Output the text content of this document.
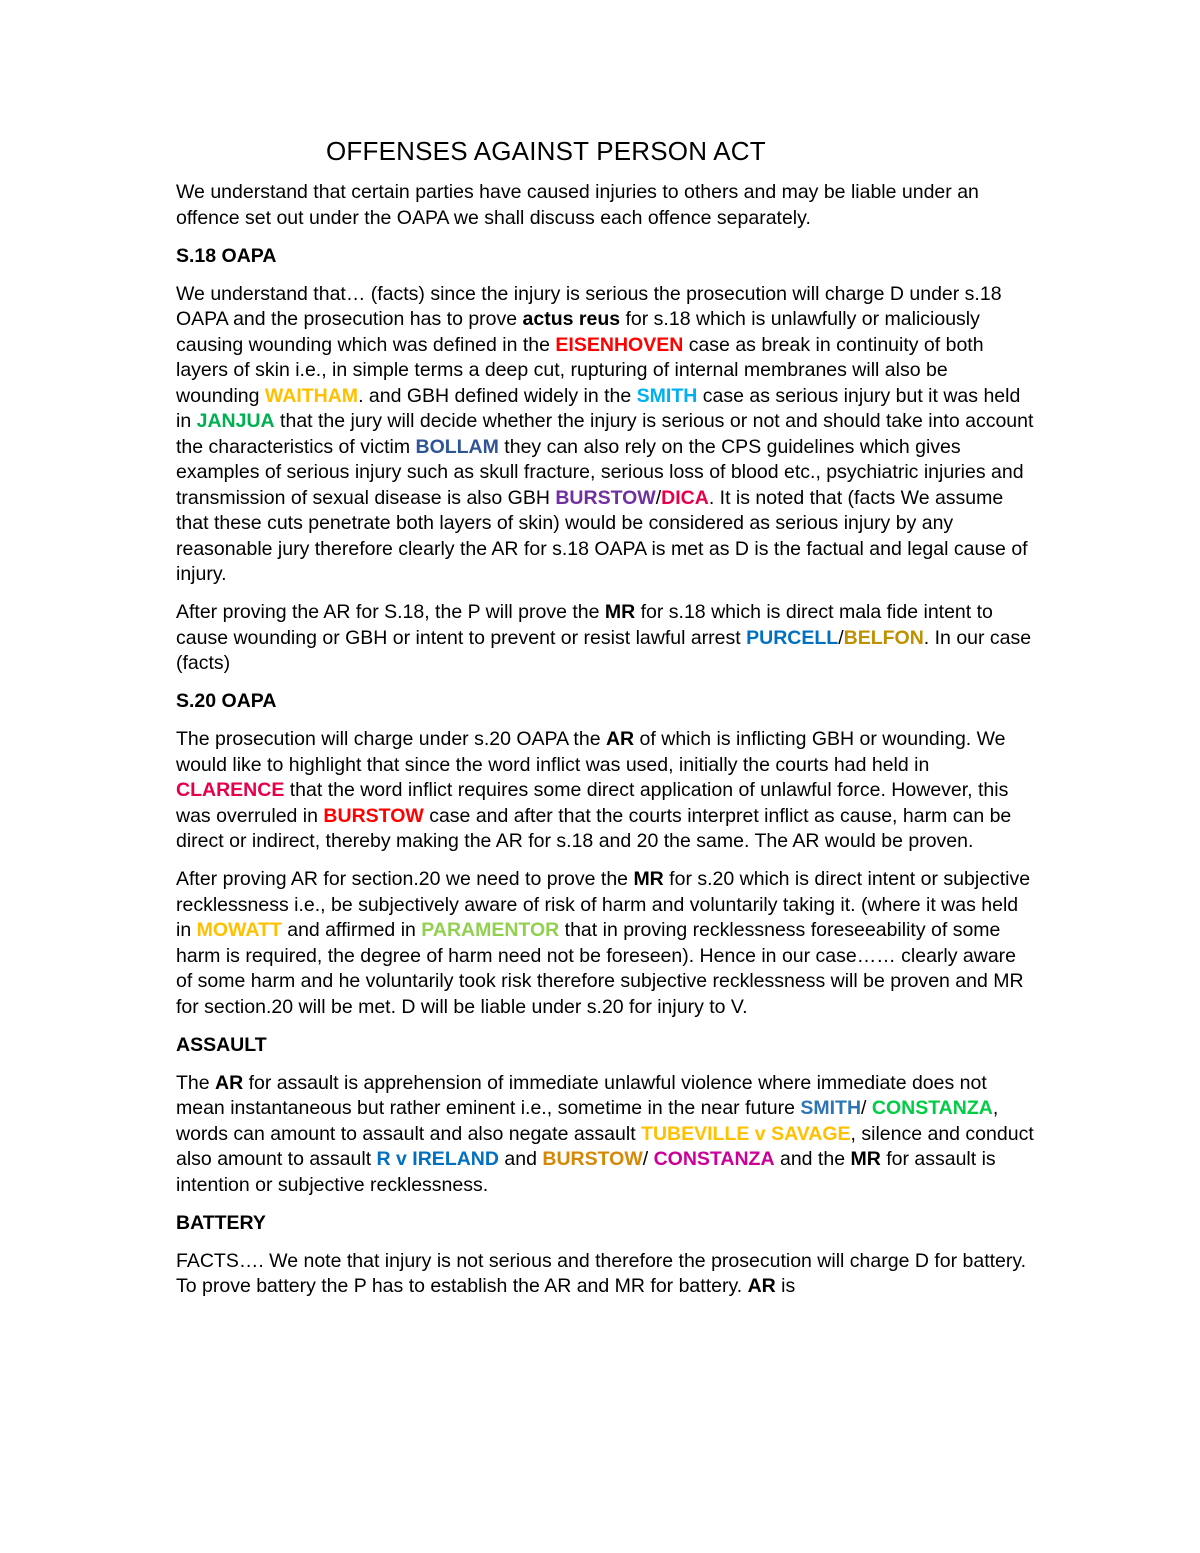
OFFENSES AGAINST PERSON ACT

We understand that certain parties have caused injuries to others and may be liable under an offence set out under the OAPA we shall discuss each offence separately.

S.18 OAPA

We understand that… (facts) since the injury is serious the prosecution will charge D under s.18 OAPA and the prosecution has to prove actus reus for s.18 which is unlawfully or maliciously causing wounding which was defined in the EISENHOVEN case as break in continuity of both layers of skin i.e., in simple terms a deep cut, rupturing of internal membranes will also be wounding WAITHAM. and GBH defined widely in the SMITH case as serious injury but it was held in JANJUA that the jury will decide whether the injury is serious or not and should take into account the characteristics of victim BOLLAM they can also rely on the CPS guidelines which gives examples of serious injury such as skull fracture, serious loss of blood etc., psychiatric injuries and transmission of sexual disease is also GBH BURSTOW/DICA. It is noted that (facts We assume that these cuts penetrate both layers of skin) would be considered as serious injury by any reasonable jury therefore clearly the AR for s.18 OAPA is met as D is the factual and legal cause of injury.

After proving the AR for S.18, the P will prove the MR for s.18 which is direct mala fide intent to cause wounding or GBH or intent to prevent or resist lawful arrest PURCELL/BELFON. In our case (facts)

S.20 OAPA

The prosecution will charge under s.20 OAPA the AR of which is inflicting GBH or wounding. We would like to highlight that since the word inflict was used, initially the courts had held in CLARENCE that the word inflict requires some direct application of unlawful force. However, this was overruled in BURSTOW case and after that the courts interpret inflict as cause, harm can be direct or indirect, thereby making the AR for s.18 and 20 the same. The AR would be proven.

After proving AR for section.20 we need to prove the MR for s.20 which is direct intent or subjective recklessness i.e., be subjectively aware of risk of harm and voluntarily taking it. (where it was held in MOWATT and affirmed in PARAMENTOR that in proving recklessness foreseeability of some harm is required, the degree of harm need not be foreseen). Hence in our case…… clearly aware of some harm and he voluntarily took risk therefore subjective recklessness will be proven and MR for section.20 will be met. D will be liable under s.20 for injury to V.

ASSAULT

The AR for assault is apprehension of immediate unlawful violence where immediate does not mean instantaneous but rather eminent i.e., sometime in the near future SMITH/ CONSTANZA, words can amount to assault and also negate assault TUBEVILLE v SAVAGE, silence and conduct also amount to assault R v IRELAND and BURSTOW/ CONSTANZA and the MR for assault is intention or subjective recklessness.

BATTERY

FACTS…. We note that injury is not serious and therefore the prosecution will charge D for battery. To prove battery the P has to establish the AR and MR for battery. AR is
